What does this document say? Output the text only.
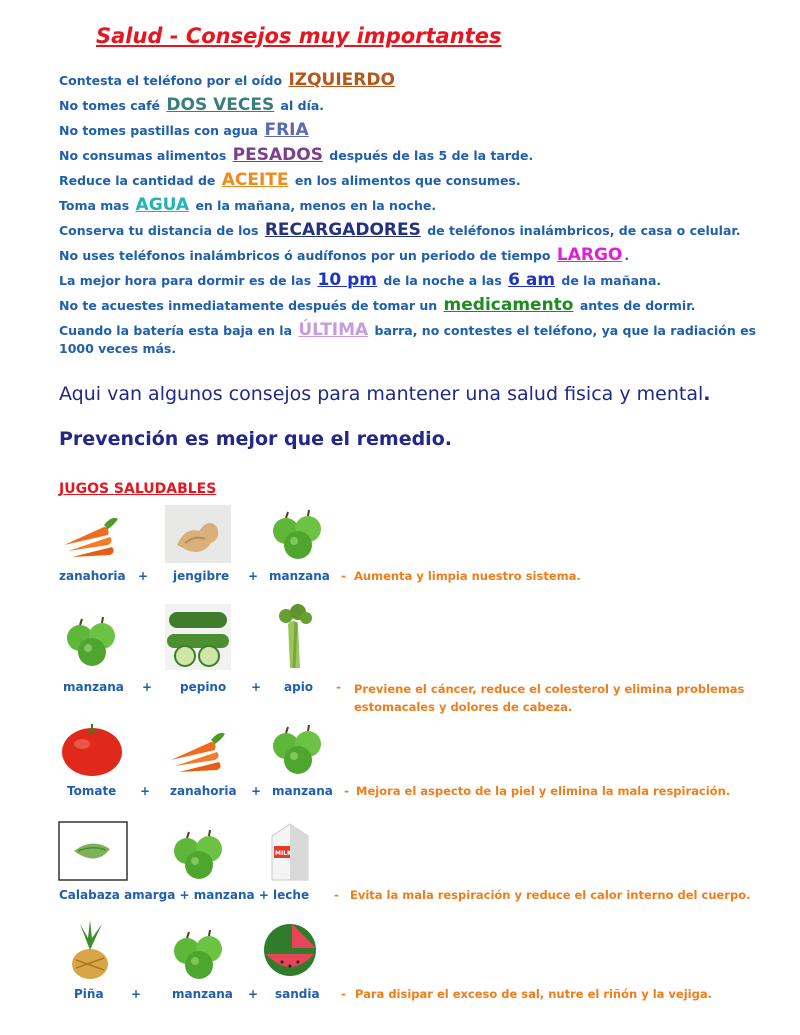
Salud - Consejos muy importantes
Contesta el teléfono por el oído IZQUIERDO
No tomes café DOS VECES al día.
No tomes pastillas con agua FRIA
No consumas alimentos PESADOS después de las 5 de la tarde.
Reduce la cantidad de ACEITE en los alimentos que consumes.
Toma mas AGUA en la mañana, menos en la noche.
Conserva tu distancia de los RECARGADORES de teléfonos inalámbricos, de casa o celular.
No uses teléfonos inalámbricos ó audífonos por un periodo de tiempo LARGO .
La mejor hora para dormir es de las 10 pm de la noche a las 6 am de la mañana.
No te acuestes inmediatamente después de tomar un medicamento antes de dormir.
Cuando la batería esta baja en la ÚLTIMA barra, no contestes el teléfono, ya que la radiación es 1000 veces más.
Aqui van algunos consejos para mantener una salud fisica y mental.
Prevención es mejor que el remedio.
JUGOS SALUDABLES
zanahoria + jengibre + manzana - Aumenta y limpia nuestro sistema.
manzana + pepino + apio - Previene el cáncer, reduce el colesterol y elimina problemas estomacales y dolores de cabeza.
Tomate + zanahoria + manzana - Mejora el aspecto de la piel y elimina la mala respiración.
MILK
Calabaza amarga + manzana + leche - Evita la mala respiración y reduce el calor interno del cuerpo.
Piña +	manzana + sandia - Para disipar el exceso de sal, nutre el riñón y la vejiga.
